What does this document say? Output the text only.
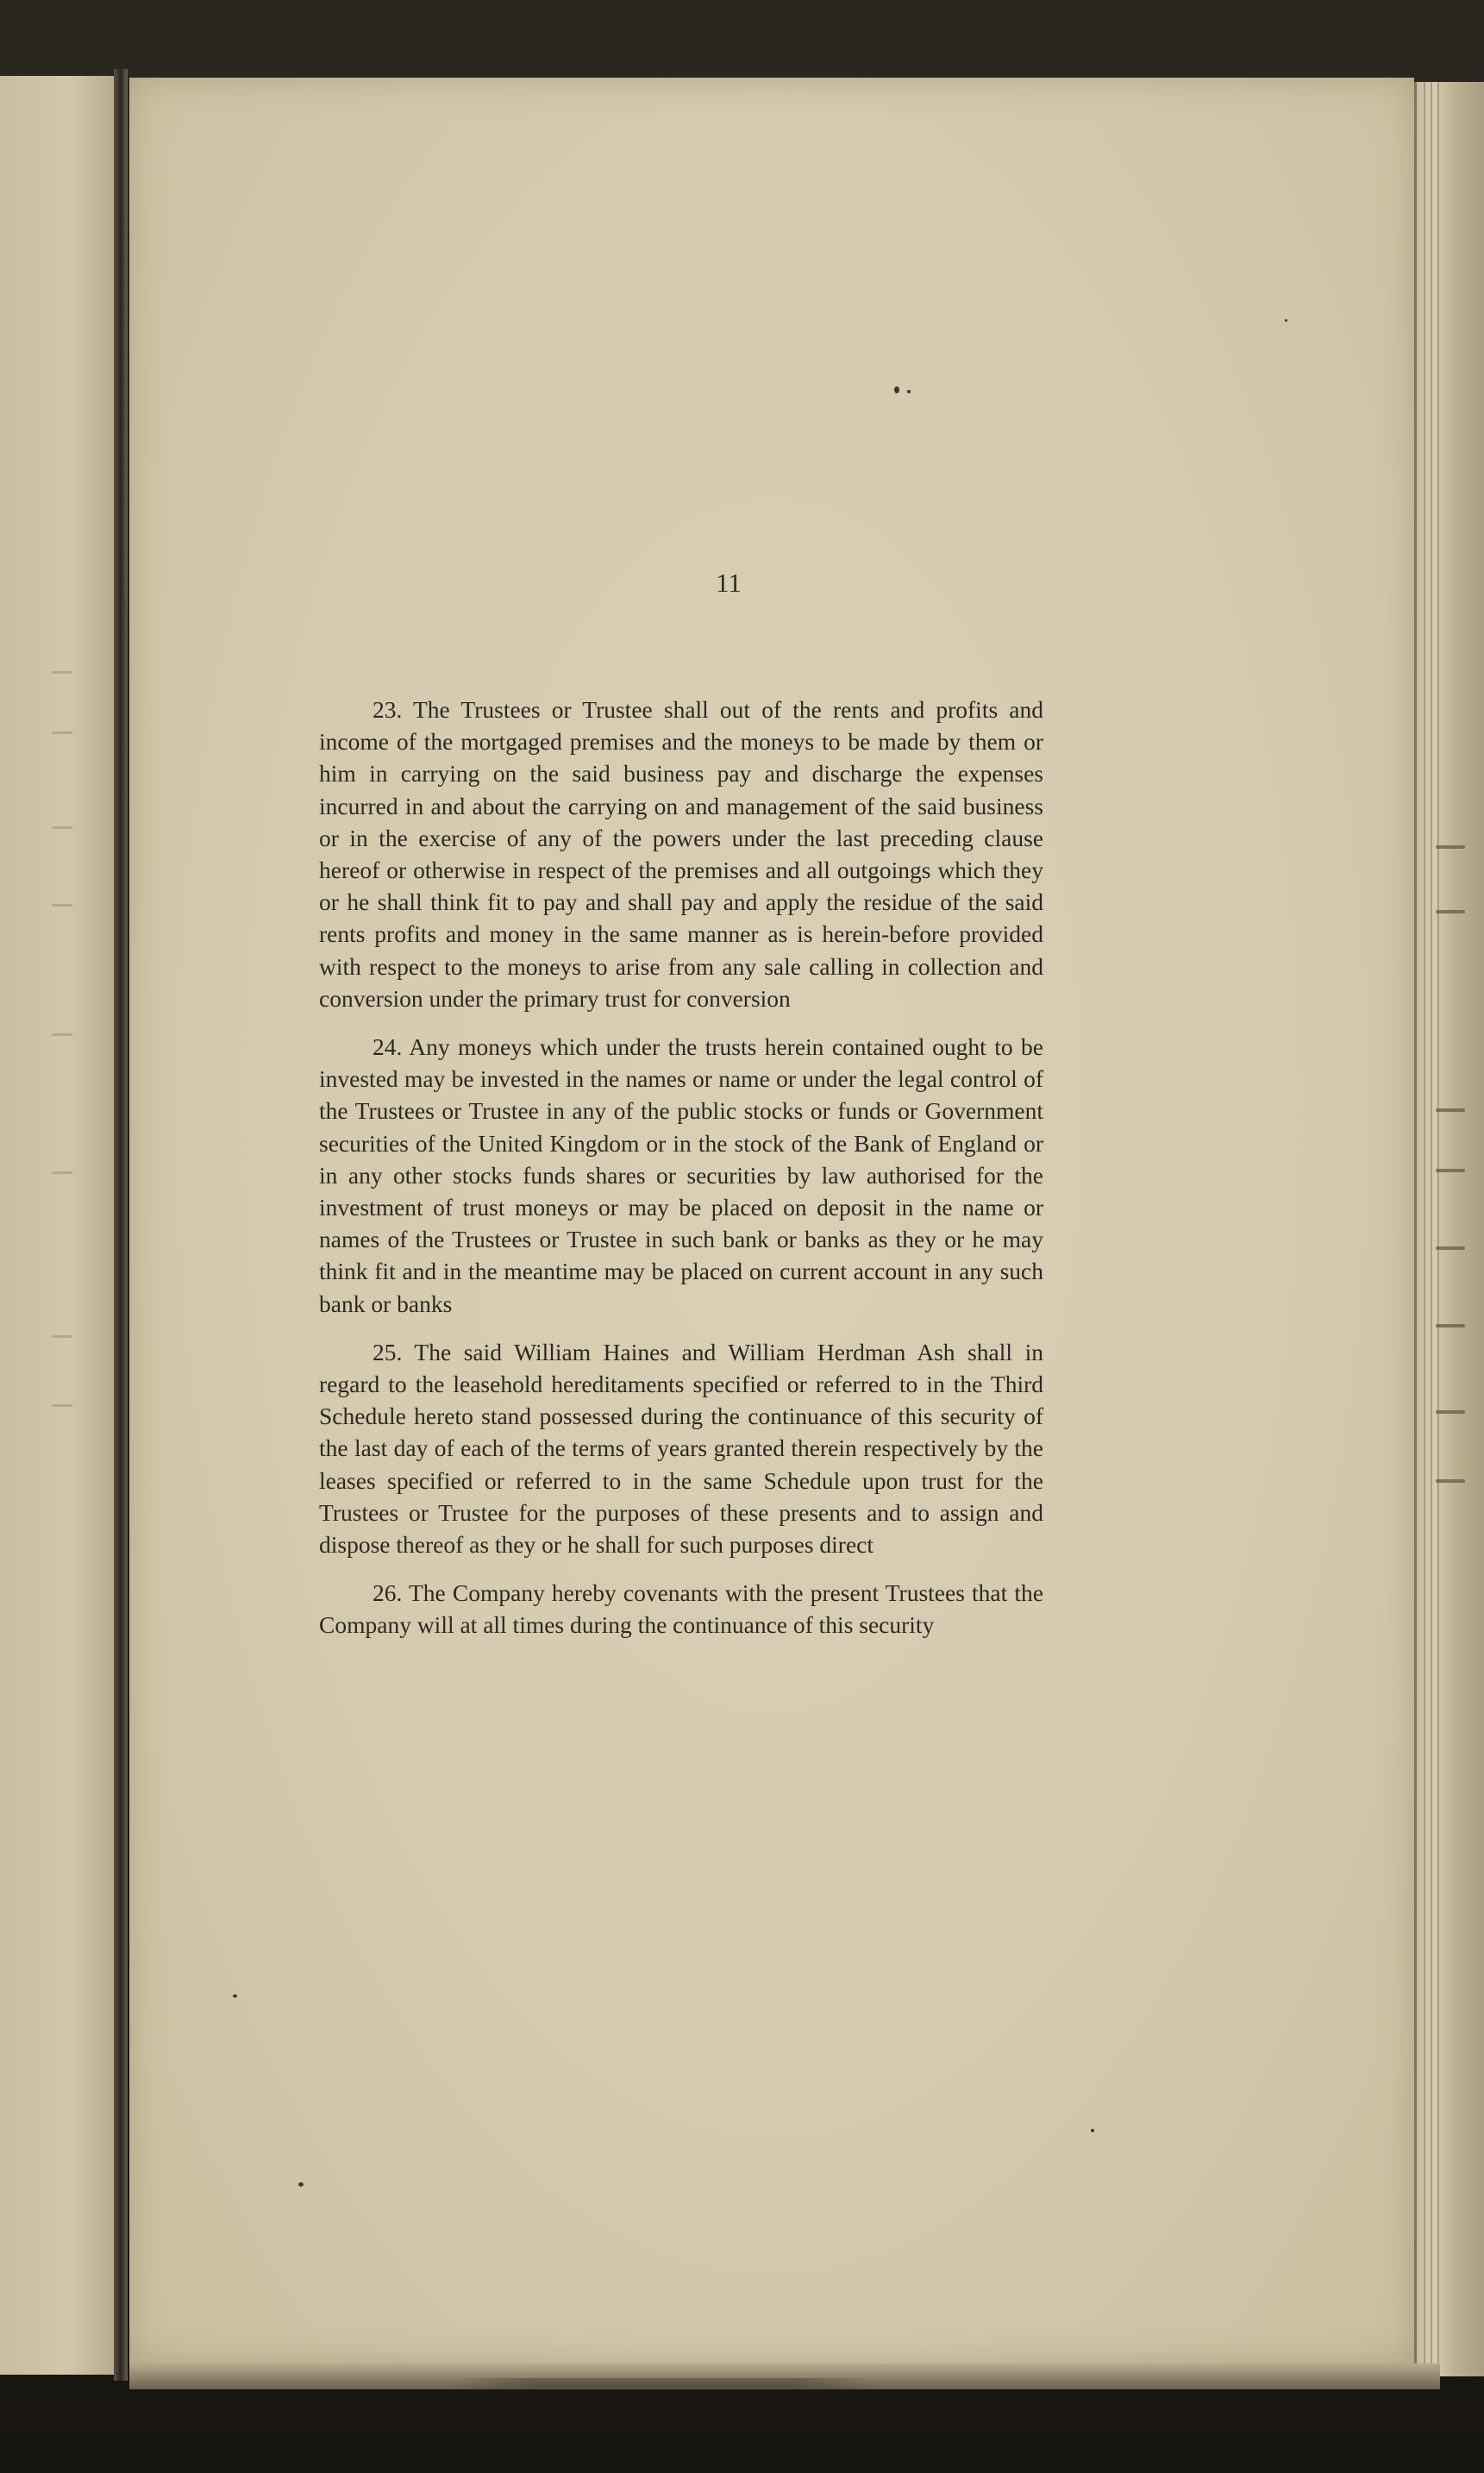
11

23. The Trustees or Trustee shall out of the rents and profits and income of the mortgaged premises and the moneys to be made by them or him in carrying on the said business pay and discharge the expenses incurred in and about the carrying on and management of the said business or in the exercise of any of the powers under the last preceding clause hereof or otherwise in respect of the premises and all outgoings which they or he shall think fit to pay and shall pay and apply the residue of the said rents profits and money in the same manner as is herein-before provided with respect to the moneys to arise from any sale calling in collection and conversion under the primary trust for conversion

24. Any moneys which under the trusts herein contained ought to be invested may be invested in the names or name or under the legal control of the Trustees or Trustee in any of the public stocks or funds or Government securities of the United Kingdom or in the stock of the Bank of England or in any other stocks funds shares or securities by law authorised for the investment of trust moneys or may be placed on deposit in the name or names of the Trustees or Trustee in such bank or banks as they or he may think fit and in the meantime may be placed on current account in any such bank or banks

25. The said William Haines and William Herdman Ash shall in regard to the leasehold hereditaments specified or referred to in the Third Schedule hereto stand possessed during the continuance of this security of the last day of each of the terms of years granted therein respectively by the leases specified or referred to in the same Schedule upon trust for the Trustees or Trustee for the purposes of these presents and to assign and dispose thereof as they or he shall for such purposes direct

26. The Company hereby covenants with the present Trustees that the Company will at all times during the continuance of this security
